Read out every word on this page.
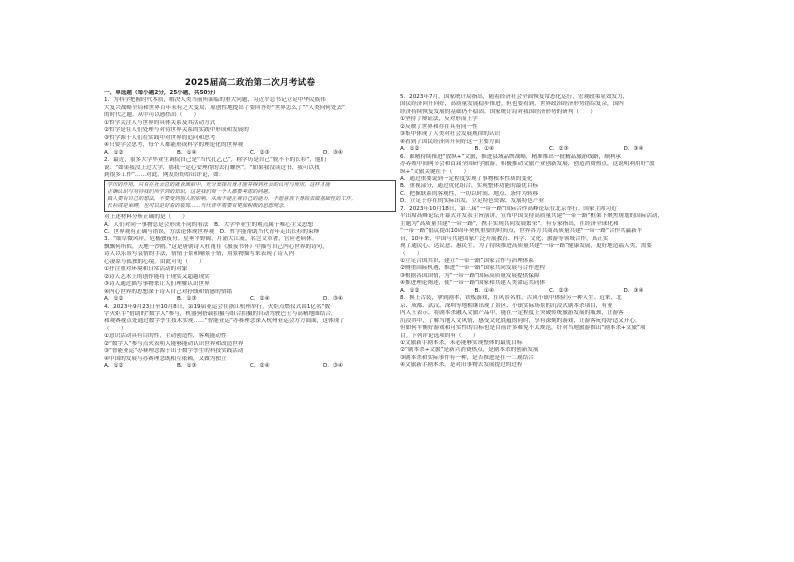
2025届高二政治第二次月考试卷
一、单选题（每小题2分，25小题，共50分）
1．为科学把握时代本质，解决人类当前所面临的重大问题，习近平总书记立足中华民族伟
大复兴战略全局和世界百年未有之大变局，原创性地提出了要回答好“世界怎么了”“人类向何处去”
的时代之题。从中可以感悟出（　　）
①哲学关注人与世界的具体关系及其活动方式
②哲学是在人们处理与对待世界关系的实践中形成和发展的
③哲学源于人们在实践中对世界的追问和思考
④只要学会思考，每个人都能形成科学的理论化的世界观
A．①②	B．①④	C．②③	D．③④
2．最近，很多大学毕业生调侃自己是“当代孔乙己”，称学历是自己“脱不下的长衫”，他们
说：“如果我没上过大学，那我一定心安理得的去打螺丝”，“如果我没读过书，我可以找
到很多工作”……对此，网友纷纷给出评论，如：
学历的作用，只有在社会总的就业面前中，充分发挥自身才能并得到社会的认可与使用，这样才能
正确认识与对待我们所学到的知识，这是我们每一个人都要考虑的问题。
做人要有自己的想法，不要受到别人的影响，从而不能正视自己的能力，不愿意放下身段去做基础性的工作。
长衫或是束缚，也可以是好看的装饰……当代青年需要有更加积极的思想观念。
对上述材料分析正确的是（　　）
A．人们对同一事物总是会形成不同的看法　B．大学毕业生的观点属于唯心主义思想
C．世界观有正确与错误，方法论体现世界观　D．哲学能帮助当代青年走出长衫的束缚
3．“细草微风岸，危樯独夜舟。星垂平野阔，月涌大江流。名岂文章著，官应老病休。
飘飘何所似，天地一沙鸥。”这是唐朝诗人杜甫在《旅夜书怀》中描写自己内心世界的诗句，
诗人以乐景写哀情的手法，情情于景和嘲景于情，用景物描写来表现了诗人内
心凄凉与孤独的心境。由此可见（　　）
①抒注重对环境和日常活动的对象
②诗人艺术上的创作能将于现实又超越现实
③诗人通过描写事物来让人们理解认识世界
④内心世界的思想深于诗人自己对抒线和情感的情绪
A．①②	B．①③	C．②④	D．③④
4．2023年9月23日至10月8日，第19届亚运会在浙江杭州举行。火炬点燃仪式由1亿名“数
字火炬手”借助的“数字人”参与，机器狗搭载拍摄与组合拍摄的自动驾驶巴士与高精地图结合，
和观赛视点处通过数字孪生技术实现……“智能亚运”办赛理念深入杭州亚运会方方面面，这体现了
（　　）
①意识活动具有目的性，主动创造性，客观能动性
②“数字人”参与点火表明人能够能动认识世界和改造世界
③“智能亚运”办赛理念源于出于数字孪生的科技实践活动
④中国的发展与办赛理念既相互依赖，又做为独立
A．①②	B．①③	C．②④	D．③④
5．2023年7月，国家统计局指出，随着经济社会全面恢复常态化运行，宏观政策显效发力，
国民经济回升向好，高质量发展稳步推进。但也要看到，世界政治经济形势错综复杂，国内
经济持续恢复发展的基础仍不稳固。国家统计局对我国经济形势的研判（　　）
①坚持了辩证法，反对形而上学
②反映了世界和存在具有同一性
③集中体现了人类对社会发展规律的认识
④看到了国民经济回升向好这一主要方面
A．①②	B．①④	C．②③	D．③④
6．谁精持续推进“放纵+”文旅，推进县域品牌战略，精准推出一批精品旅游线路，顺利承
办养殖中间网节会和首届全国研学旅游，积极推动文旅产业创新发展，创造消费热点，这说明利用好“放
纵+”文旅关键在于（　　）
A．通过重要说到一定程度实现了事物根本性质的变化
B．重视部分，通过优化组合，实现整体功能的最优目标
C．把握联系的客观性，一切以时间、地点、条件为转移
D．立足于存在的实际出发，立足特色资源，发展特色产业
7．2023年10月18日，第三届“一带一路”国际合作高峰论坛在北京举行。国家主席习近
平出席高峰论坛开幕式并发表主旨演讲，宣布中国支持高质量共建“一带一路”框架下聚焦规划的国际活动，
主题为“高质量共建“一带一路”，携手实现共同发展繁荣”。有专家指出，在经济全球化和
“一带一路”倡议提出10周年契机重要的时间点，世界各方共商高质量共建“一带一路”合作共赢新平
台，10年来，中国与共建国家广泛开展教育、科学、文化、旅游等领域合作，真正实
现了通民心、达民意、惠民生。为了持续推进高质量共建“一带一路”健康发展，更好地造福人类，需要
（　　）
①立足合国共识，建立“一带一路”国家合作与治理体系
②侧重国际机遇，推进“一带一路”国家共同发展与合作进程
③根据各国国情，为“一带一路”国际高质量发展提供保障
④推进理论阐述，使“一带一路”国家和共建人类命运共同体
A．①②	B．①④	C．②③	D．③④
8．换上古装，拿到剧本，铁板游戏，在风景名胜、古风小镇中体验另一种人生。近来，北
京、成都、武汉、深圳等地相继出现了景区、小镇实际场景的沉浸式剧本杀项目，有业
内人士表示，将剧本杀融入文旅产品中，能在一定程度上突破传统旅游发展的瓶颈，让游客
沉浸其中，了解当地人文风情，感受文化底蕴的同时，享有深刻的游戏，让游客玩得舒适又开心，
但如何平衡好游戏和可实性的目标也是目前许多难免不太规范，针对当地旅游推出“剧本杀+文旅”项
目。下列评论选项的有（　　）
①文旅新手剧本杀，未必能够实现整体的最优目标
②“剧本杀+文旅”是新兴消费热点，是剧本杀的创新发展
③剧本杀和实际事件有一种，是否推进是在一二观结合
④文旅新手剧本杀，是对旧事物去发展提过的过程
